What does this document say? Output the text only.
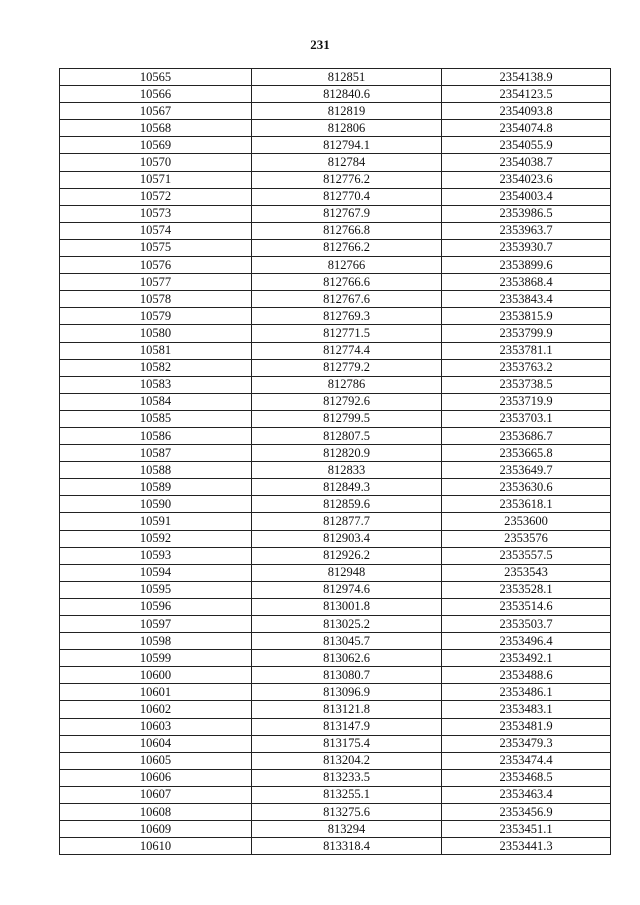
231
10565	812851	2354138.9
10566	812840.6	2354123.5
10567	812819	2354093.8
10568	812806	2354074.8
10569	812794.1	2354055.9
10570	812784	2354038.7
10571	812776.2	2354023.6
10572	812770.4	2354003.4
10573	812767.9	2353986.5
10574	812766.8	2353963.7
10575	812766.2	2353930.7
10576	812766	2353899.6
10577	812766.6	2353868.4
10578	812767.6	2353843.4
10579	812769.3	2353815.9
10580	812771.5	2353799.9
10581	812774.4	2353781.1
10582	812779.2	2353763.2
10583	812786	2353738.5
10584	812792.6	2353719.9
10585	812799.5	2353703.1
10586	812807.5	2353686.7
10587	812820.9	2353665.8
10588	812833	2353649.7
10589	812849.3	2353630.6
10590	812859.6	2353618.1
10591	812877.7	2353600
10592	812903.4	2353576
10593	812926.2	2353557.5
10594	812948	2353543
10595	812974.6	2353528.1
10596	813001.8	2353514.6
10597	813025.2	2353503.7
10598	813045.7	2353496.4
10599	813062.6	2353492.1
10600	813080.7	2353488.6
10601	813096.9	2353486.1
10602	813121.8	2353483.1
10603	813147.9	2353481.9
10604	813175.4	2353479.3
10605	813204.2	2353474.4
10606	813233.5	2353468.5
10607	813255.1	2353463.4
10608	813275.6	2353456.9
10609	813294	2353451.1
10610	813318.4	2353441.3
